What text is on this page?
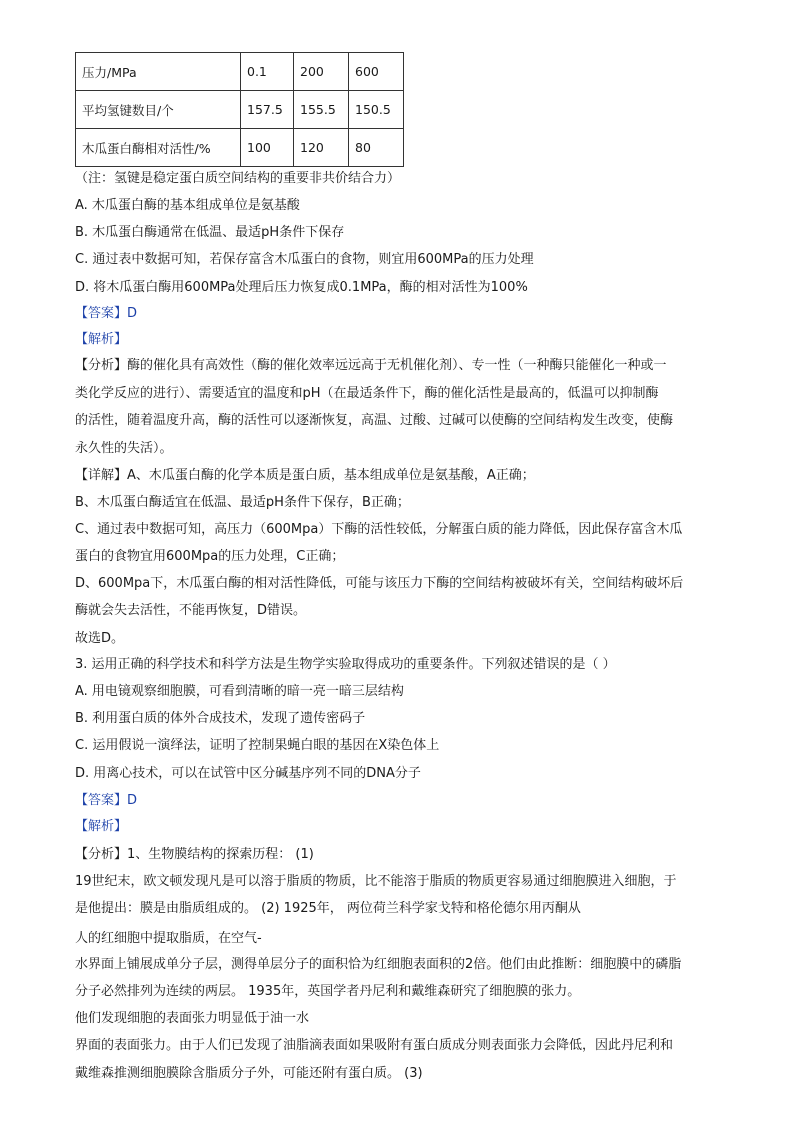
压力/MPa	0.1	200	600
平均氢键数目/个	157.5	155.5	150.5
木瓜蛋白酶相对活性/%	100	120	80
（注：氢键是稳定蛋白质空间结构的重要非共价结合力）
A. 木瓜蛋白酶的基本组成单位是氨基酸
B. 木瓜蛋白酶通常在低温、最适pH条件下保存
C. 通过表中数据可知，若保存富含木瓜蛋白的食物，则宜用600MPa的压力处理
D. 将木瓜蛋白酶用600MPa处理后压力恢复成0.1MPa，酶的相对活性为100%
【答案】D
【解析】
【分析】酶的催化具有高效性（酶的催化效率远远高于无机催化剂）、专一性（一种酶只能催化一种或一
类化学反应的进行）、需要适宜的温度和pH（在最适条件下，酶的催化活性是最高的，低温可以抑制酶
的活性，随着温度升高，酶的活性可以逐渐恢复，高温、过酸、过碱可以使酶的空间结构发生改变，使酶
永久性的失活）。
【详解】A、木瓜蛋白酶的化学本质是蛋白质，基本组成单位是氨基酸，A正确；
B、木瓜蛋白酶适宜在低温、最适pH条件下保存，B正确；
C、通过表中数据可知，高压力（600Mpa）下酶的活性较低，分解蛋白质的能力降低，因此保存富含木瓜
蛋白的食物宜用600Mpa的压力处理，C正确；
D、600Mpa下，木瓜蛋白酶的相对活性降低，可能与该压力下酶的空间结构被破坏有关，空间结构破坏后
酶就会失去活性，不能再恢复，D错误。
故选D。
3. 运用正确的科学技术和科学方法是生物学实验取得成功的重要条件。下列叙述错误的是（ ）
A. 用电镜观察细胞膜，可看到清晰的暗一亮一暗三层结构
B. 利用蛋白质的体外合成技术，发现了遗传密码子
C. 运用假说一演绎法，证明了控制果蝇白眼的基因在X染色体上
D. 用离心技术，可以在试管中区分碱基序列不同的DNA分子
【答案】D
【解析】
【分析】1、生物膜结构的探索历程： (1)
19世纪末，欧文顿发现凡是可以溶于脂质的物质，比不能溶于脂质的物质更容易通过细胞膜进入细胞，于
是他提出：膜是由脂质组成的。 (2) 1925年， 两位荷兰科学家戈特和格伦德尔用丙酮从
人的红细胞中提取脂质，在空气-
水界面上铺展成单分子层，测得单层分子的面积恰为红细胞表面积的2倍。他们由此推断：细胞膜中的磷脂
分子必然排列为连续的两层。 1935年，英国学者丹尼利和戴维森研究了细胞膜的张力。
他们发现细胞的表面张力明显低于油一水
界面的表面张力。由于人们已发现了油脂滴表面如果吸附有蛋白质成分则表面张力会降低，因此丹尼利和
戴维森推测细胞膜除含脂质分子外，可能还附有蛋白质。 (3)
